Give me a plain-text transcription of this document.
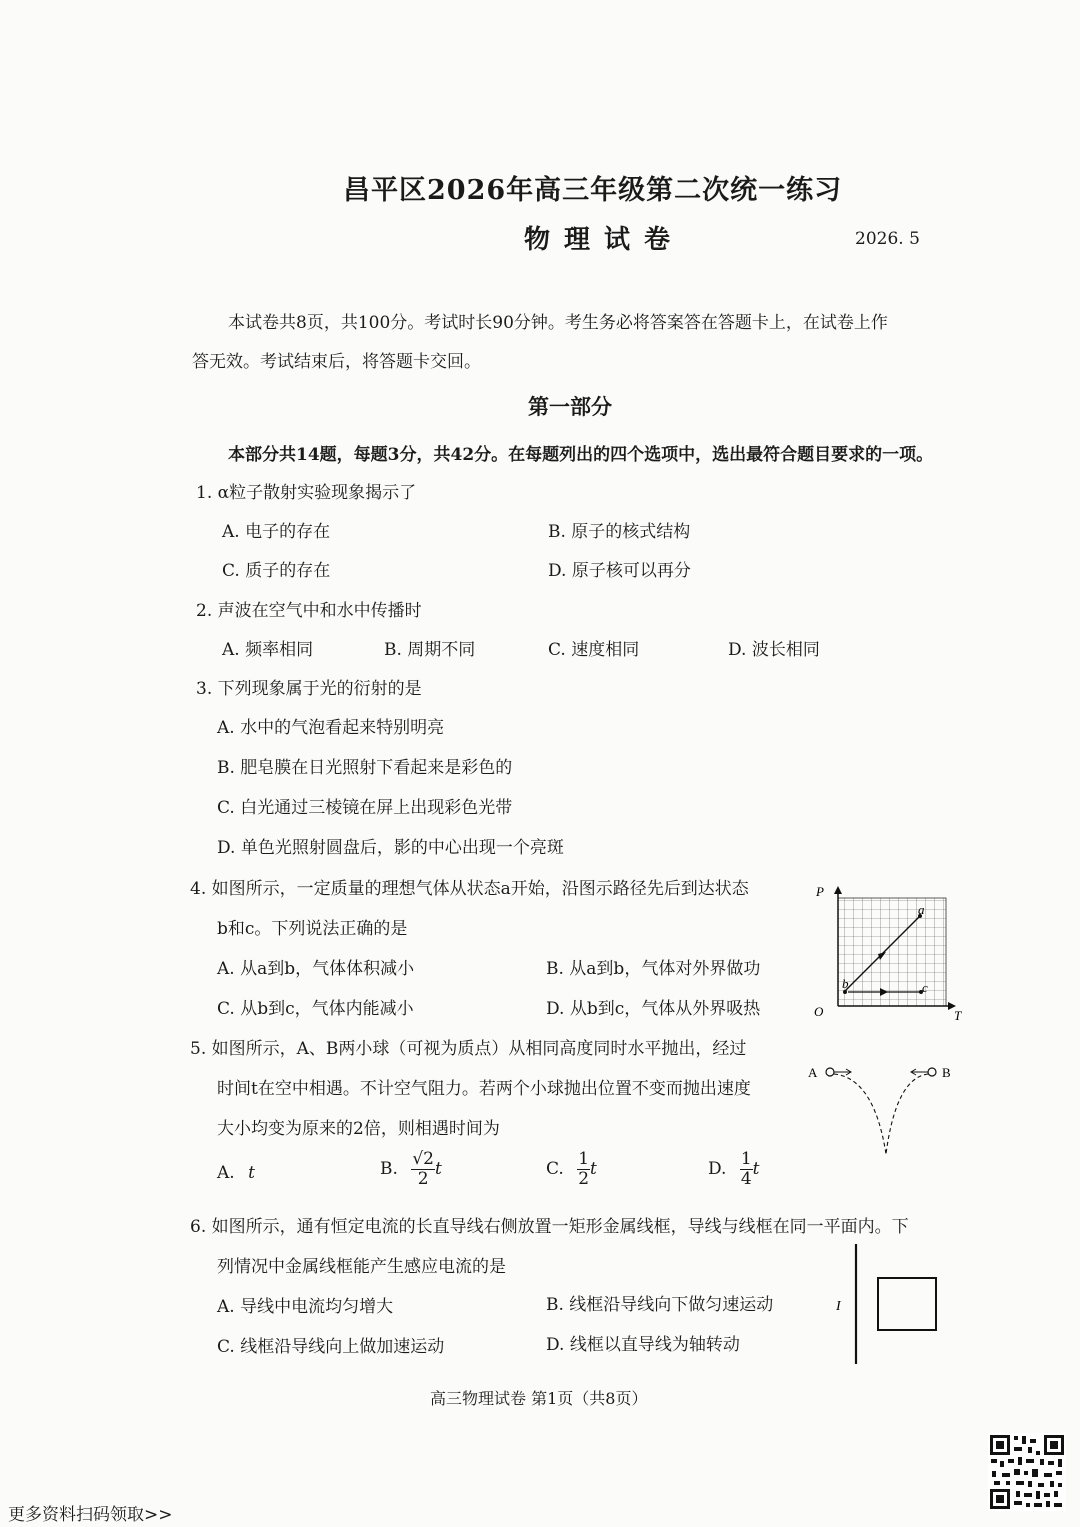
昌平区2026年高三年级第二次统一练习
物理试卷	2026. 5
本试卷共8页，共100分。考试时长90分钟。考生务必将答案答在答题卡上，在试卷上作
答无效。考试结束后，将答题卡交回。
第一部分
本部分共14题，每题3分，共42分。在每题列出的四个选项中，选出最符合题目要求的一项。
1. α粒子散射实验现象揭示了
A. 电子的存在	B. 原子的核式结构
C. 质子的存在	D. 原子核可以再分
2. 声波在空气中和水中传播时
A. 频率相同	B. 周期不同	C. 速度相同	D. 波长相同
3. 下列现象属于光的衍射的是
A. 水中的气泡看起来特别明亮
B. 肥皂膜在日光照射下看起来是彩色的
C. 白光通过三棱镜在屏上出现彩色光带
D. 单色光照射圆盘后，影的中心出现一个亮斑
4. 如图所示，一定质量的理想气体从状态a开始，沿图示路径先后到达状态
b和c。下列说法正确的是
A. 从a到b，气体体积减小	B. 从a到b，气体对外界做功
C. 从b到c，气体内能减小	D. 从b到c，气体从外界吸热
P
T
O
a
b	c
5. 如图所示，A、B两小球（可视为质点）从相同高度同时水平抛出，经过
时间t在空中相遇。不计空气阻力。若两个小球抛出位置不变而抛出速度
大小均变为原来的2倍，则相遇时间为
A. t	B. $\frac{√2}{2}$ t	C. $\frac{1}{2}$ t	D. $\frac{1}{4}$ t
A	B
6. 如图所示，通有恒定电流的长直导线右侧放置一矩形金属线框，导线与线框在同一平面内。下
列情况中金属线框能产生感应电流的是
A. 导线中电流均匀增大	B. 线框沿导线向下做匀速运动
C. 线框沿导线向上做加速运动	D. 线框以直导线为轴转动
I
高三物理试卷 第1页（共8页）
更多资料扫码领取>>
